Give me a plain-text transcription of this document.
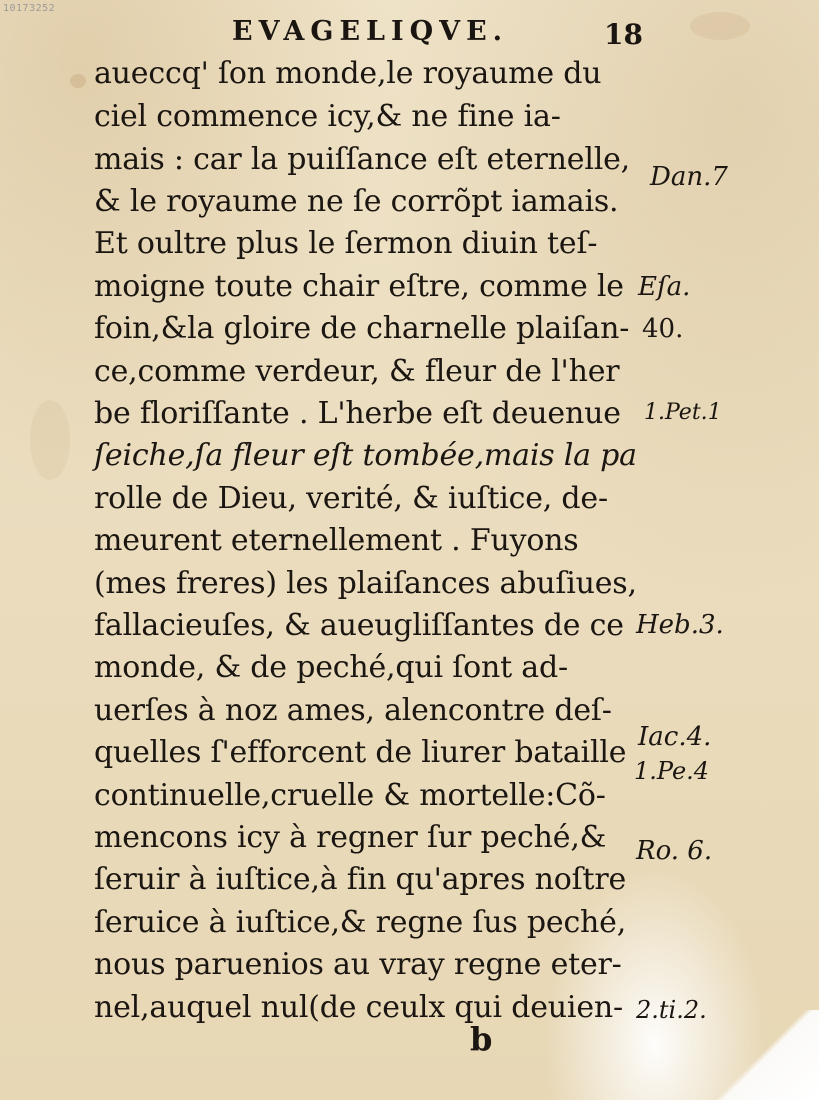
10173252
EVAGELIQVE.	18
aueccq' ſon monde,le royaume du
ciel commence icy,& ne fine ia-
mais : car la puiſſance eſt eternelle,
& le royaume ne ſe corrõpt iamais.
Et oultre plus le ſermon diuin teſ-
moigne toute chair eſtre, comme le
foin,&la gloire de charnelle plaiſan-
ce,comme verdeur, & fleur de l'her
be floriſſante . L'herbe eſt deuenue
ſeiche,ſa fleur eſt tombée,mais la pa
rolle de Dieu, verité, & iuſtice, de-
meurent eternellement . Fuyons
(mes freres) les plaiſances abuſiues,
fallacieuſes, & aueugliſſantes de ce
monde, & de peché,qui ſont ad-
uerſes à noz ames, alencontre deſ-
quelles ſ'efforcent de liurer bataille
continuelle,cruelle & mortelle:Cõ-
mencons icy à regner ſur peché,&
ſeruir à iuſtice,à fin qu'apres noſtre
ſeruice à iuſtice,& regne ſus peché,
nous paruenios au vray regne eter-
nel,auquel nul(de ceulx qui deuien-
Dan.7
Eſa.
40.
1.Pet.1
Heb.3.
Iac.4.
1.Pe.4
Ro. 6.
2.ti.2.
b
